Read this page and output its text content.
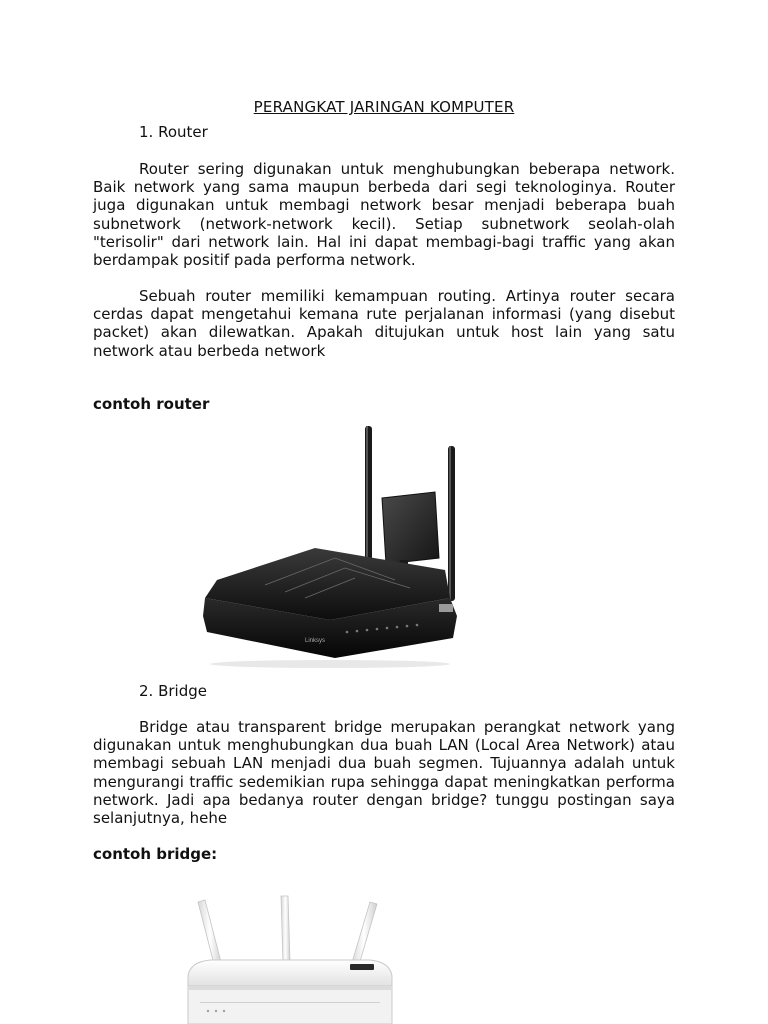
PERANGKAT JARINGAN KOMPUTER
1. Router

Router sering digunakan untuk menghubungkan beberapa network. Baik network yang sama maupun berbeda dari segi teknologinya. Router juga digunakan untuk membagi network besar menjadi beberapa buah subnetwork (network-network kecil). Setiap subnetwork seolah-olah "terisolir" dari network lain. Hal ini dapat membagi-bagi traffic yang akan berdampak positif pada performa network.

Sebuah router memiliki kemampuan routing. Artinya router secara cerdas dapat mengetahui kemana rute perjalanan informasi (yang disebut packet) akan dilewatkan. Apakah ditujukan untuk host lain yang satu network atau berbeda network

contoh router
Linksys
2. Bridge

Bridge atau transparent bridge merupakan perangkat network yang digunakan untuk menghubungkan dua buah LAN (Local Area Network) atau membagi sebuah LAN menjadi dua buah segmen. Tujuannya adalah untuk mengurangi traffic sedemikian rupa sehingga dapat meningkatkan performa network. Jadi apa bedanya router dengan bridge? tunggu postingan saya selanjutnya, hehe

contoh bridge:
